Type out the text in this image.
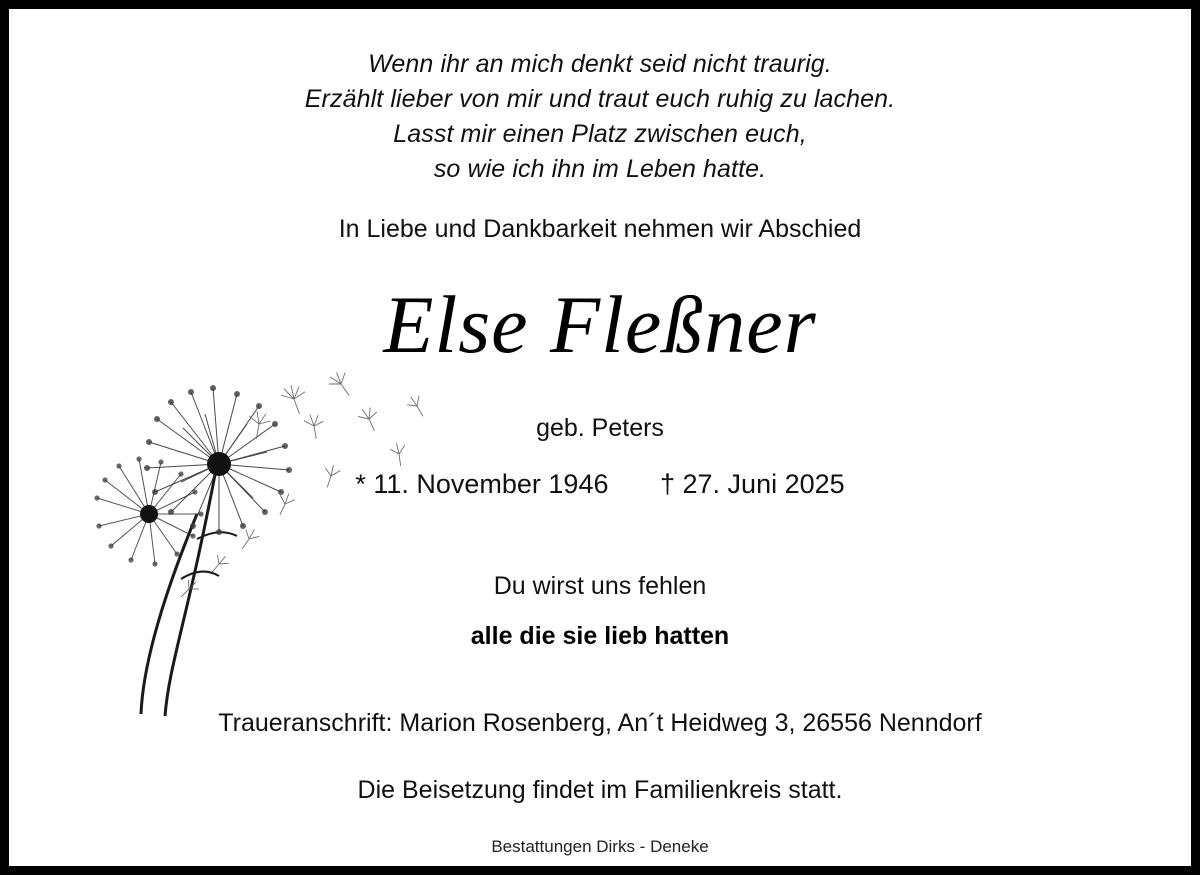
Wenn ihr an mich denkt seid nicht traurig.
Erzählt lieber von mir und traut euch ruhig zu lachen.
Lasst mir einen Platz zwischen euch,
so wie ich ihn im Leben hatte.
In Liebe und Dankbarkeit nehmen wir Abschied
Else Fleßner
geb. Peters
* 11. November 1946 † 27. Juni 2025
Du wirst uns fehlen
alle die sie lieb hatten
Traueranschrift: Marion Rosenberg, An´t Heidweg 3, 26556 Nenndorf
Die Beisetzung findet im Familienkreis statt.
Bestattungen Dirks - Deneke
